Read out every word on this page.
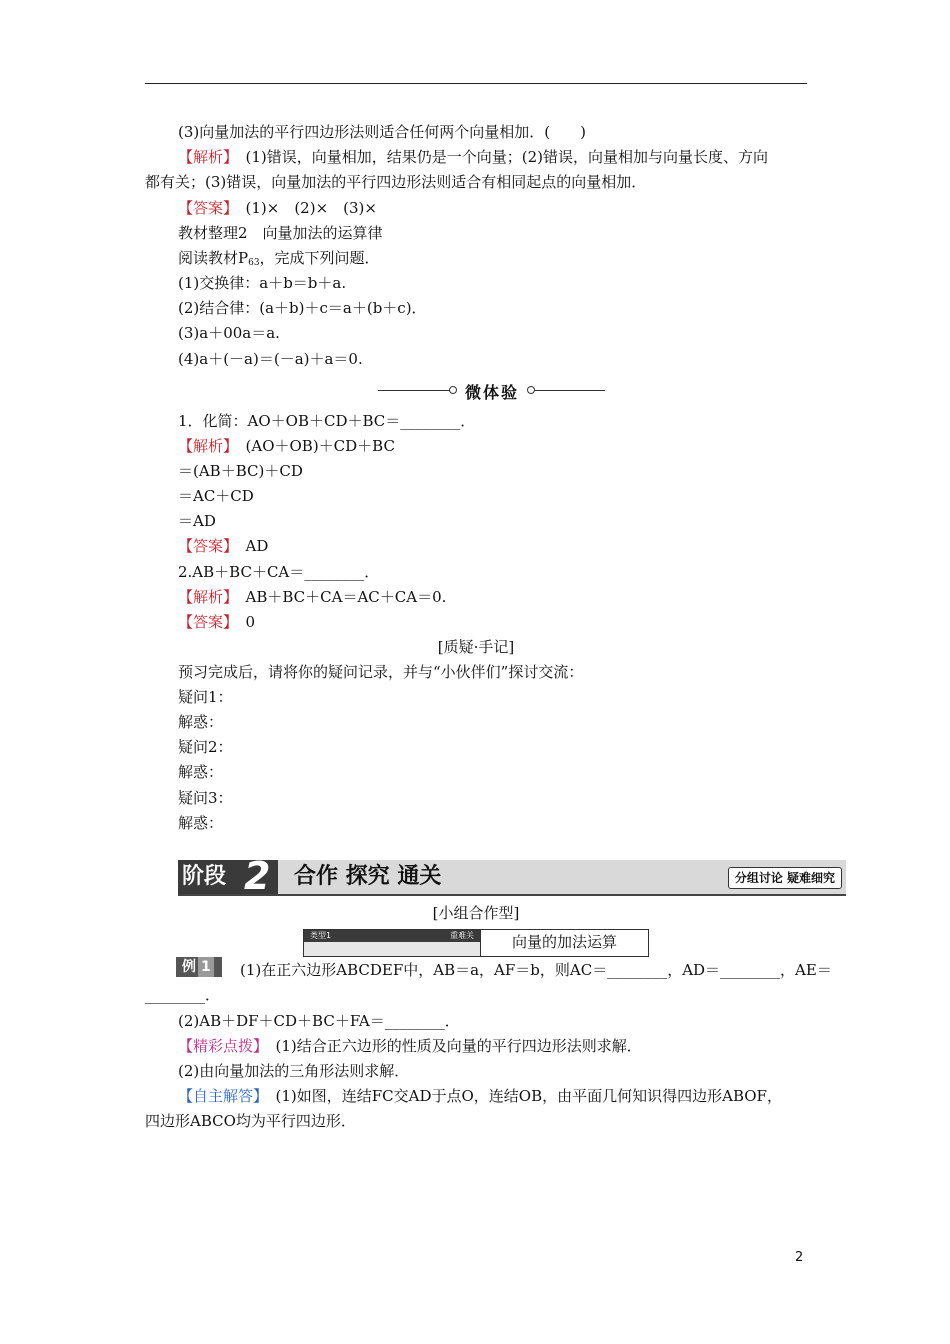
(3)向量加法的平行四边形法则适合任何两个向量相加．(　　)
【解析】　(1)错误，向量相加，结果仍是一个向量；(2)错误，向量相加与向量长度、方向
都有关；(3)错误，向量加法的平行四边形法则适合有相同起点的向量相加．
【答案】　(1)×　(2)×　(3)×
教材整理2　向量加法的运算律
阅读教材$P_{63}$，完成下列问题．
(1)交换律：a＋b＝b＋a.
(2)结合律：(a＋b)＋c＝a＋(b＋c)．
(3)a＋00a＝a.
(4)a＋(－a)＝(－a)＋a＝0.
微体验
1．化简：AO＋OB＋CD＋BC＝________．
【解析】　(AO＋OB)＋CD＋BC
＝(AB＋BC)＋CD
＝AC＋CD
＝AD
【答案】　AD
2.AB＋BC＋CA＝________．
【解析】　AB＋BC＋CA＝AC＋CA＝0.
【答案】　0
[质疑·手记]
预习完成后，请将你的疑问记录，并与“小伙伴们”探讨交流：
疑问1：
解惑：
疑问2：
解惑：
疑问3：
解惑：
阶段 2 合作 探究 通关	分组讨论 疑难细究
[小组合作型]
类型1	重难关	向量的加法运算
例 1	(1)在正六边形ABCDEF中，AB＝a，AF＝b，则AC＝________，AD＝________，AE＝
________．
(2)AB＋DF＋CD＋BC＋FA＝________．
【精彩点拨】　(1)结合正六边形的性质及向量的平行四边形法则求解．
(2)由向量加法的三角形法则求解．
【自主解答】　(1)如图，连结FC交AD于点O，连结OB，由平面几何知识得四边形ABOF，
四边形ABCO均为平行四边形．
2
